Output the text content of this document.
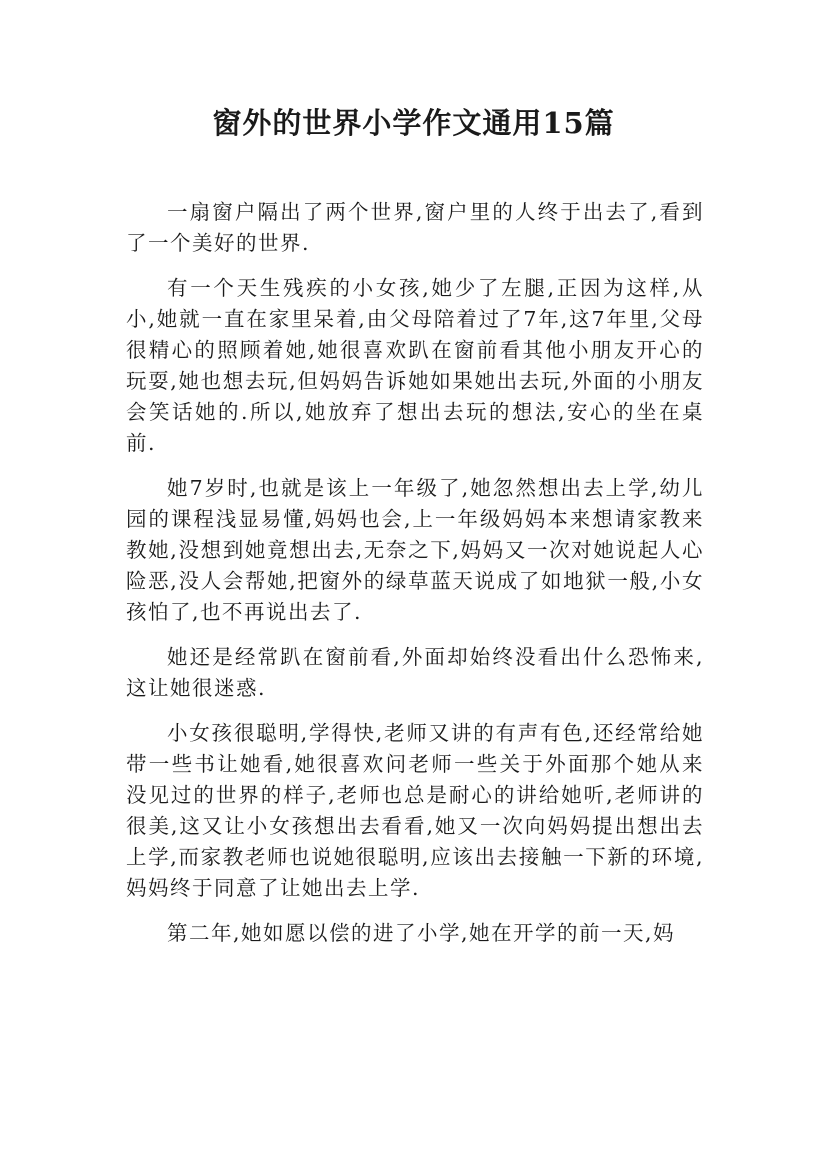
窗外的世界小学作文通用15篇

一扇窗户隔出了两个世界,窗户里的人终于出去了,看到了一个美好的世界.

有一个天生残疾的小女孩,她少了左腿,正因为这样,从小,她就一直在家里呆着,由父母陪着过了7年,这7年里,父母很精心的照顾着她,她很喜欢趴在窗前看其他小朋友开心的玩耍,她也想去玩,但妈妈告诉她如果她出去玩,外面的小朋友会笑话她的.所以,她放弃了想出去玩的想法,安心的坐在桌前.

她7岁时,也就是该上一年级了,她忽然想出去上学,幼儿园的课程浅显易懂,妈妈也会,上一年级妈妈本来想请家教来教她,没想到她竟想出去,无奈之下,妈妈又一次对她说起人心险恶,没人会帮她,把窗外的绿草蓝天说成了如地狱一般,小女孩怕了,也不再说出去了.

她还是经常趴在窗前看,外面却始终没看出什么恐怖来,这让她很迷惑.

小女孩很聪明,学得快,老师又讲的有声有色,还经常给她带一些书让她看,她很喜欢问老师一些关于外面那个她从来没见过的世界的样子,老师也总是耐心的讲给她听,老师讲的很美,这又让小女孩想出去看看,她又一次向妈妈提出想出去上学,而家教老师也说她很聪明,应该出去接触一下新的环境,妈妈终于同意了让她出去上学.

第二年,她如愿以偿的进了小学,她在开学的前一天,妈
